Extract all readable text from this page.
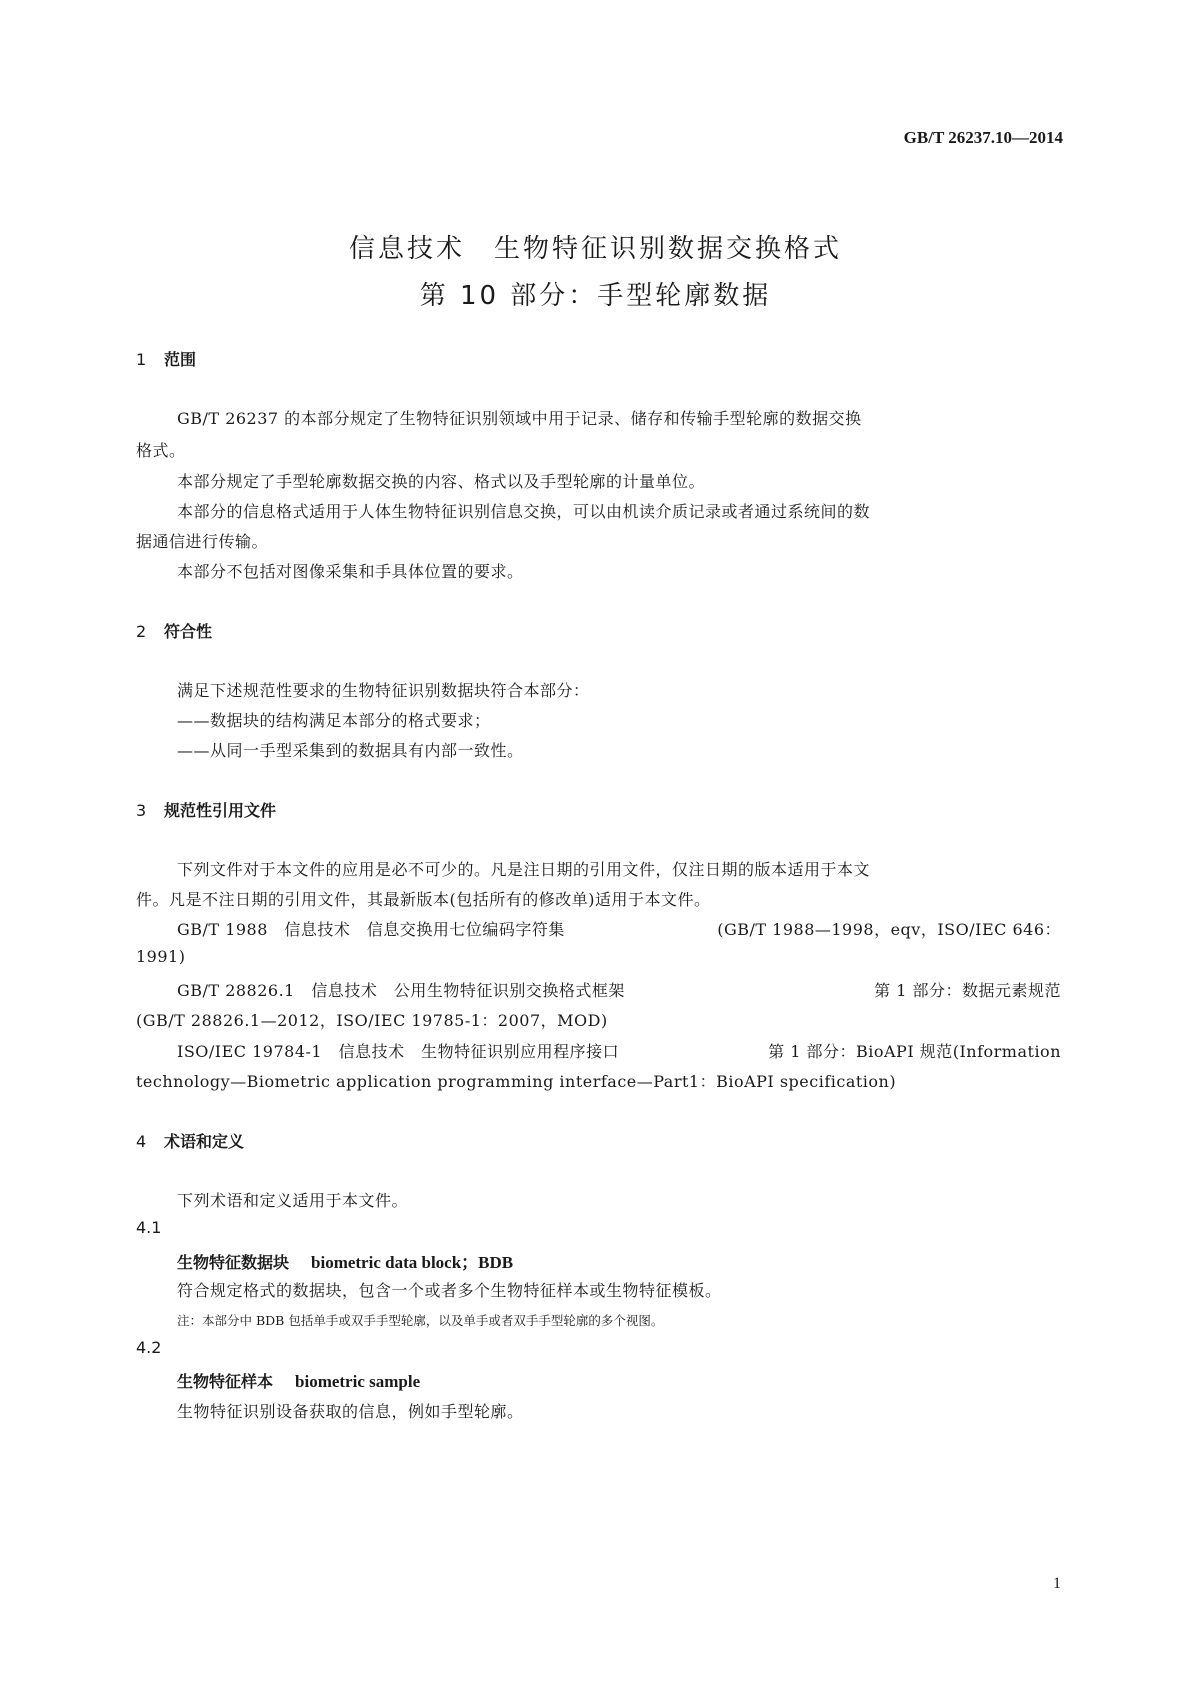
GB/T 26237.10—2014
信息技术　生物特征识别数据交换格式
第 10 部分：手型轮廓数据
1 范围
GB/T 26237 的本部分规定了生物特征识别领域中用于记录、储存和传输手型轮廓的数据交换
格式。
本部分规定了手型轮廓数据交换的内容、格式以及手型轮廓的计量单位。
本部分的信息格式适用于人体生物特征识别信息交换，可以由机读介质记录或者通过系统间的数
据通信进行传输。
本部分不包括对图像采集和手具体位置的要求。
2 符合性
满足下述规范性要求的生物特征识别数据块符合本部分：
——数据块的结构满足本部分的格式要求；
——从同一手型采集到的数据具有内部一致性。
3 规范性引用文件
下列文件对于本文件的应用是必不可少的。凡是注日期的引用文件，仅注日期的版本适用于本文
件。凡是不注日期的引用文件，其最新版本(包括所有的修改单)适用于本文件。
GB/T 1988　信息技术　信息交换用七位编码字符集	(GB/T 1988—1998，eqv，ISO/IEC 646：
1991)
GB/T 28826.1　信息技术　公用生物特征识别交换格式框架	第 1 部分：数据元素规范
(GB/T 28826.1—2012，ISO/IEC 19785-1：2007，MOD)
ISO/IEC 19784-1　信息技术　生物特征识别应用程序接口	第 1 部分：BioAPI 规范(Information
technology—Biometric application programming interface—Part1：BioAPI specification)
4 术语和定义
下列术语和定义适用于本文件。
4.1
生物特征数据块 biometric data block；BDB
符合规定格式的数据块，包含一个或者多个生物特征样本或生物特征模板。
注：本部分中 BDB 包括单手或双手手型轮廓，以及单手或者双手手型轮廓的多个视图。
4.2
生物特征样本 biometric sample
生物特征识别设备获取的信息，例如手型轮廓。
1
